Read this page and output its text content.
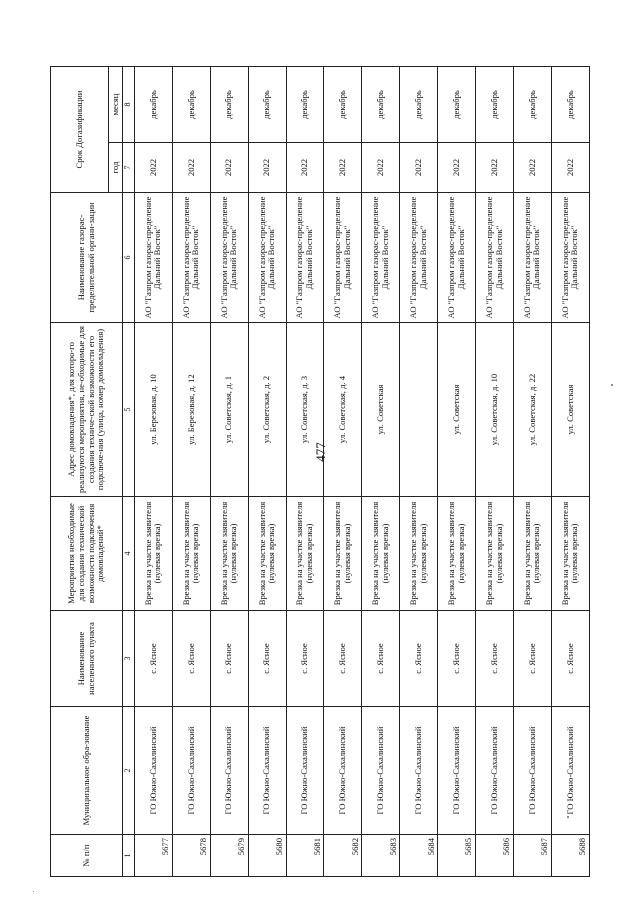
477
№ п/п	Муниципальное обра-зование	Наименование населенного пункта	Мероприятия необходимые для создания технической возможности подключения домовладений*	Адрес домовладения*, для которо-го реализуются мероприятия, не-обходимые для создания техниче-ской возможности его подключе-ния (улица, номер домовладения)	Наименование газорас-пределительной органи-зации	Срок Догазификации	
						год	месяц
1	2	3	4	5	6	7	8
5677	ГО Южно-Сахалинский	с. Ясное	Врезка на участке заявителя (нулевая врезка)	ул. Березовая, д. 10	АО "Газпром газорас-пределение Дальний Восток"	2022	декабрь
5678	ГО Южно-Сахалинский	с. Ясное	Врезка на участке заявителя (нулевая врезка)	ул. Березовая, д. 12	АО "Газпром газорас-пределение Дальний Восток"	2022	декабрь
5679	ГО Южно-Сахалинский	с. Ясное	Врезка на участке заявителя (нулевая врезка)	ул. Советская, д. 1	АО "Газпром газорас-пределение Дальний Восток"	2022	декабрь
5680	ГО Южно-Сахалинский	с. Ясное	Врезка на участке заявителя (нулевая врезка)	ул. Советская, д. 2	АО "Газпром газорас-пределение Дальний Восток"	2022	декабрь
5681	ГО Южно-Сахалинский	с. Ясное	Врезка на участке заявителя (нулевая врезка)	ул. Советская, д. 3	АО "Газпром газорас-пределение Дальний Восток"	2022	декабрь
5682	ГО Южно-Сахалинский	с. Ясное	Врезка на участке заявителя (нулевая врезка)	ул. Советская, д. 4	АО "Газпром газорас-пределение Дальний Восток"	2022	декабрь
5683	ГО Южно-Сахалинский	с. Ясное	Врезка на участке заявителя (нулевая врезка)	ул. Советская	АО "Газпром газорас-пределение Дальний Восток"	2022	декабрь
5684	ГО Южно-Сахалинский	с. Ясное	Врезка на участке заявителя (нулевая врезка)		АО "Газпром газорас-пределение Дальний Восток"	2022	декабрь
5685	ГО Южно-Сахалинский	с. Ясное	Врезка на участке заявителя (нулевая врезка)	ул. Советская	АО "Газпром газорас-пределение Дальний Восток"	2022	декабрь
5686	ГО Южно-Сахалинский	с. Ясное	Врезка на участке заявителя (нулевая врезка)	ул. Советская, д. 10	АО "Газпром газорас-пределение Дальний Восток"	2022	декабрь
5687	ГО Южно-Сахалинский	с. Ясное	Врезка на участке заявителя (нулевая врезка)	ул. Советская, д. 22	АО "Газпром газорас-пределение Дальний Восток"	2022	декабрь
5688	ГО Южно-Сахалинский	с. Ясное	Врезка на участке заявителя (нулевая врезка)	ул. Советская	АО "Газпром газорас-пределение Дальний Восток"	2022	декабрь
